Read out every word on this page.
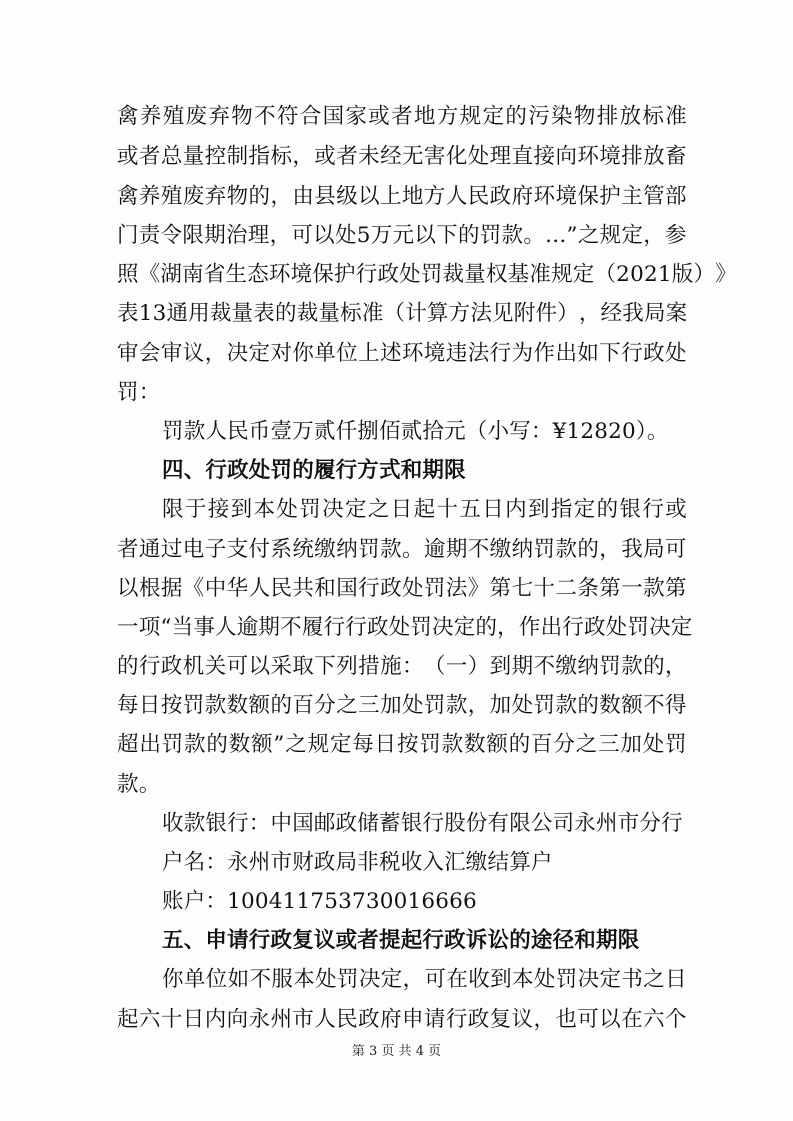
禽 养 殖 废 弃 物 不 符 合 国 家 或 者 地 方 规 定 的 污 染 物 排 放 标 准
或 者 总 量 控 制 指 标 ， 或 者 未 经 无 害 化 处 理 直 接 向 环 境 排 放 畜
禽 养 殖 废 弃 物 的 ， 由 县 级 以 上 地 方 人 民 政 府 环 境 保 护 主 管 部
门 责 令 限 期 治 理 ， 可 以 处 5 万 元 以 下 的 罚 款 。 . . . ” 之 规 定 ， 参
照 《 湖 南 省 生 态 环 境 保 护 行 政 处 罚 裁 量 权 基 准 规 定 （ 2 0 2 1 版 ） 》
表 1 3 通 用 裁 量 表 的 裁 量 标 准 （ 计 算 方 法 见 附 件 ） ， 经 我 局 案
审 会 审 议 ， 决 定 对 你 单 位 上 述 环 境 违 法 行 为 作 出 如 下 行 政 处
罚：
罚款人民币壹万贰仟捌佰贰拾元（小写：¥12820）。
四、行政处罚的履行方式和期限
限 于 接 到 本 处 罚 决 定 之 日 起 十 五 日 内 到 指 定 的 银 行 或
者 通 过 电 子 支 付 系 统 缴 纳 罚 款 。 逾 期 不 缴 纳 罚 款 的 ， 我 局 可
以 根 据 《 中 华 人 民 共 和 国 行 政 处 罚 法 》 第 七 十 二 条 第 一 款 第
一 项 “ 当 事 人 逾 期 不 履 行 行 政 处 罚 决 定 的 ， 作 出 行 政 处 罚 决 定
的 行 政 机 关 可 以 采 取 下 列 措 施 ： （ 一 ） 到 期 不 缴 纳 罚 款 的 ，
每 日 按 罚 款 数 额 的 百 分 之 三 加 处 罚 款 ， 加 处 罚 款 的 数 额 不 得
超 出 罚 款 的 数 额 ” 之 规 定 每 日 按 罚 款 数 额 的 百 分 之 三 加 处 罚
款。
收款银行：中国邮政储蓄银行股份有限公司永州市分行
户名：永州市财政局非税收入汇缴结算户
账户：100411753730016666
五、申请行政复议或者提起行政诉讼的途径和期限
你 单 位 如 不 服 本 处 罚 决 定 ， 可 在 收 到 本 处 罚 决 定 书 之 日
起 六 十 日 内 向 永 州 市 人 民 政 府 申 请 行 政 复 议 ， 也 可 以 在 六 个
第 3 页 共 4 页
